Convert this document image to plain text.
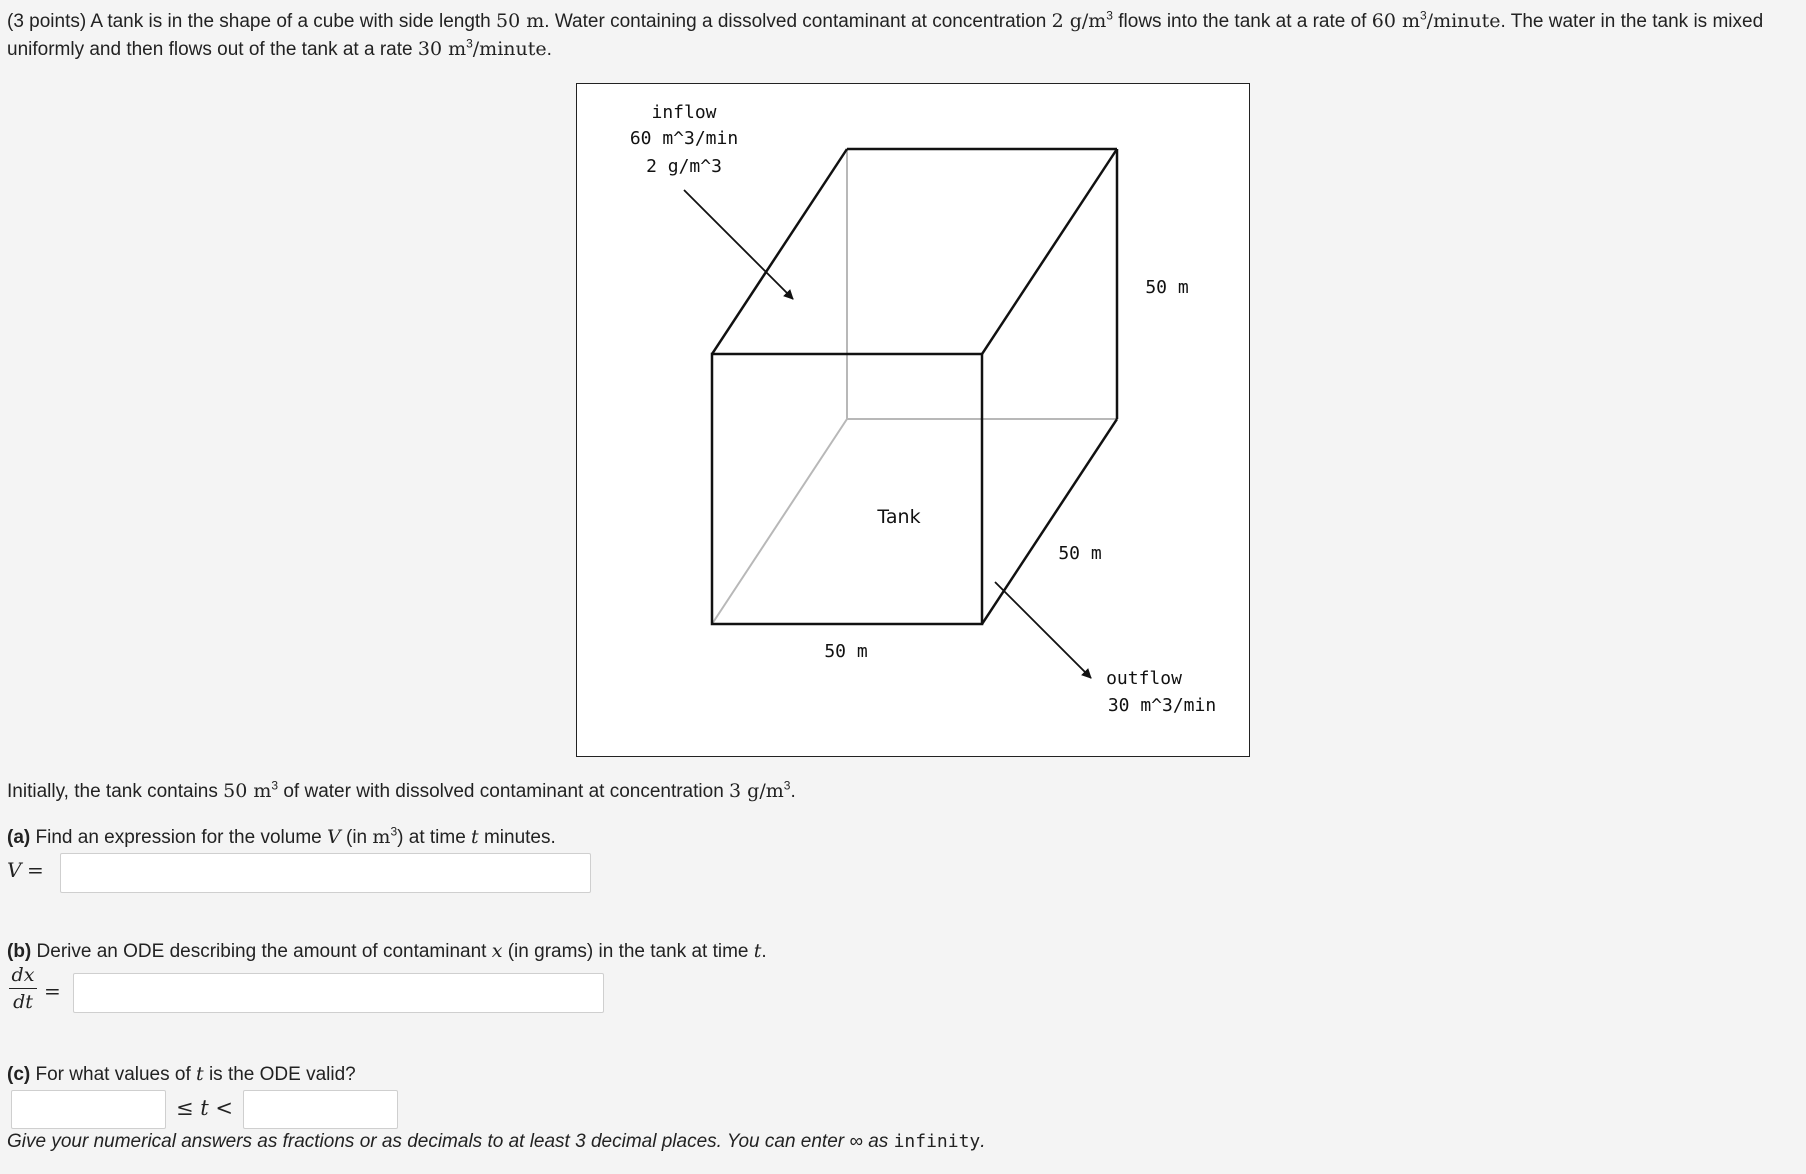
(3 points) A tank is in the shape of a cube with side length 50 m. Water containing a dissolved contaminant at concentration 2 $g/m^3$ flows into the tank at a rate of 60 $m^3$/minute. The water in the tank is mixed
uniformly and then flows out of the tank at a rate 30 $m^3$/minute.
inflow
60 m^3/min
2 g/m^3
Tank
50 m
50 m
50 m
outflow
30 m^3/min
Initially, the tank contains 50 $m^3$ of water with dissolved contaminant at concentration 3 $g/m^3$.
(a) Find an expression for the volume V (in $m^3$) at time t minutes.
V =
(b) Derive an ODE describing the amount of contaminant x (in grams) in the tank at time t.
$\frac{dx}{dt}$ =
(c) For what values of t is the ODE valid?
≤ t <
Give your numerical answers as fractions or as decimals to at least 3 decimal places. You can enter ∞ as infinity.
